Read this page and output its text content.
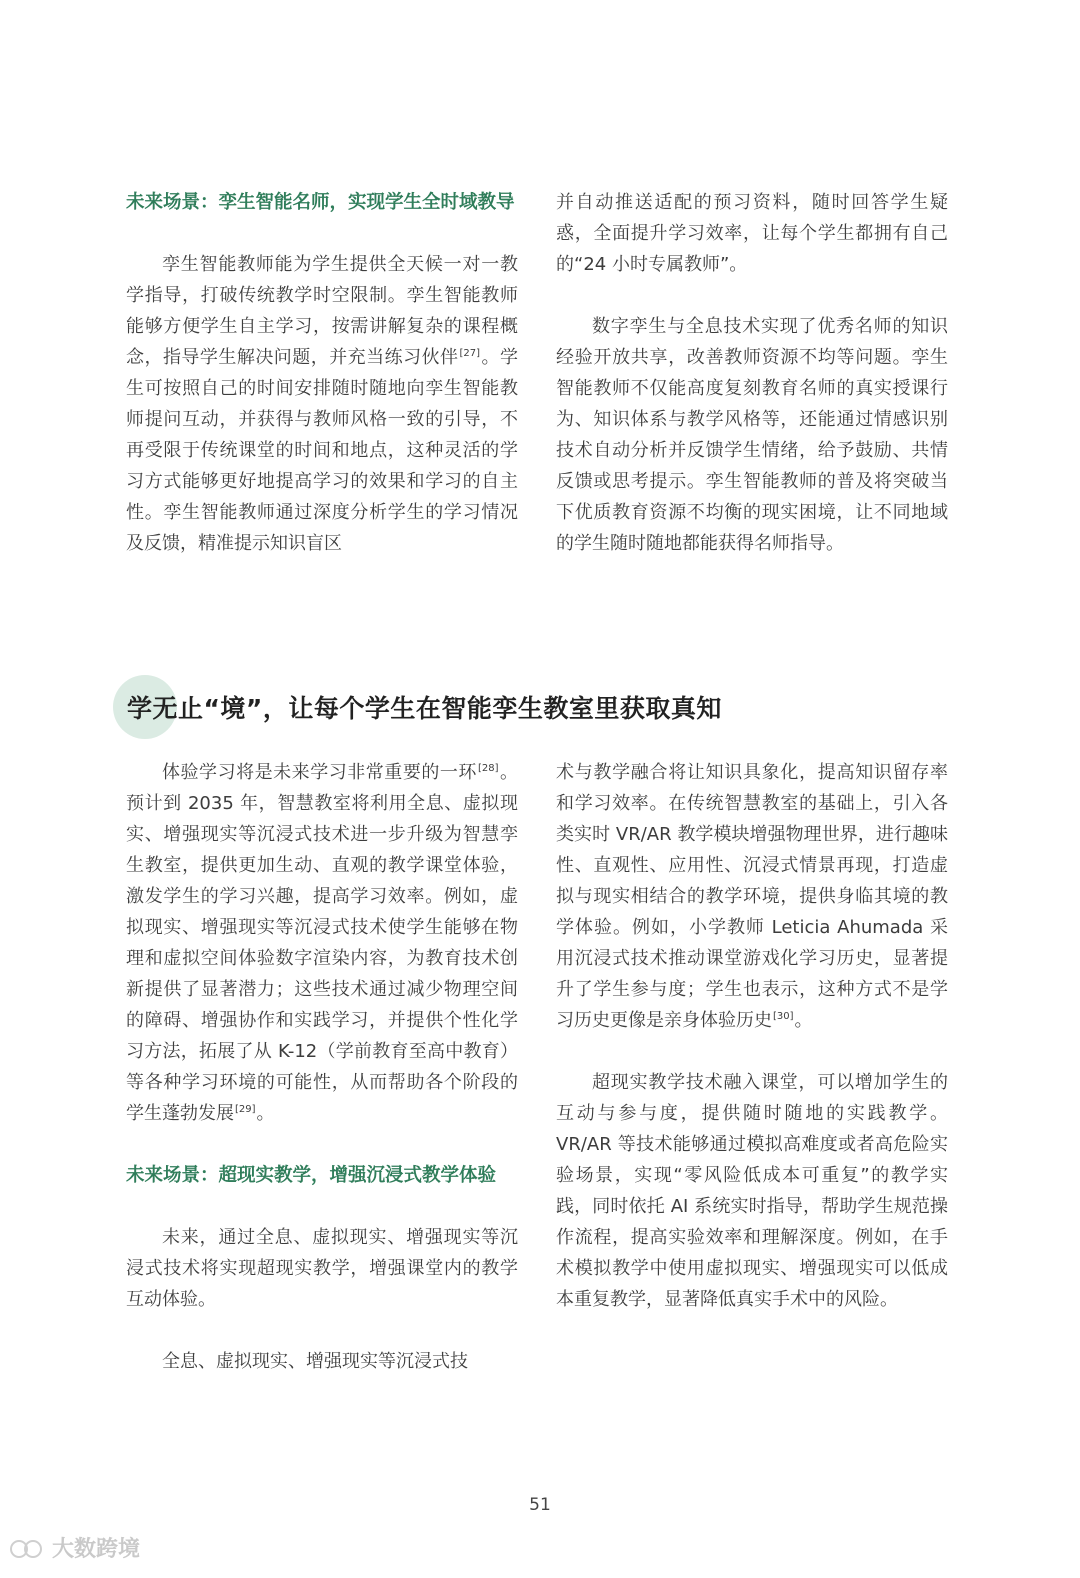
未来场景：孪生智能名师，实现学生全时域教导

孪生智能教师能为学生提供全天候一对一教学指导，打破传统教学时空限制。孪生智能教师能够方便学生自主学习，按需讲解复杂的课程概念，指导学生解决问题，并充当练习伙伴[27]。学生可按照自己的时间安排随时随地向孪生智能教师提问互动，并获得与教师风格一致的引导，不再受限于传统课堂的时间和地点，这种灵活的学习方式能够更好地提高学习的效果和学习的自主性。孪生智能教师通过深度分析学生的学习情况及反馈，精准提示知识盲区

并自动推送适配的预习资料，随时回答学生疑惑，全面提升学习效率，让每个学生都拥有自己的“24 小时专属教师”。

数字孪生与全息技术实现了优秀名师的知识经验开放共享，改善教师资源不均等问题。孪生智能教师不仅能高度复刻教育名师的真实授课行为、知识体系与教学风格等，还能通过情感识别技术自动分析并反馈学生情绪，给予鼓励、共情反馈或思考提示。孪生智能教师的普及将突破当下优质教育资源不均衡的现实困境，让不同地域的学生随时随地都能获得名师指导。

学无止“境”，让每个学生在智能孪生教室里获取真知

体验学习将是未来学习非常重要的一环[28]。预计到 2035 年，智慧教室将利用全息、虚拟现实、增强现实等沉浸式技术进一步升级为智慧孪生教室，提供更加生动、直观的教学课堂体验，激发学生的学习兴趣，提高学习效率。例如，虚拟现实、增强现实等沉浸式技术使学生能够在物理和虚拟空间体验数字渲染内容，为教育技术创新提供了显著潜力；这些技术通过减少物理空间的障碍、增强协作和实践学习，并提供个性化学习方法，拓展了从 K-12（学前教育至高中教育）等各种学习环境的可能性，从而帮助各个阶段的学生蓬勃发展[29]。

未来场景：超现实教学，增强沉浸式教学体验

未来，通过全息、虚拟现实、增强现实等沉浸式技术将实现超现实教学，增强课堂内的教学互动体验。

全息、虚拟现实、增强现实等沉浸式技

术与教学融合将让知识具象化，提高知识留存率和学习效率。在传统智慧教室的基础上，引入各类实时 VR/AR 教学模块增强物理世界，进行趣味性、直观性、应用性、沉浸式情景再现，打造虚拟与现实相结合的教学环境，提供身临其境的教学体验。例如，小学教师 Leticia Ahumada 采用沉浸式技术推动课堂游戏化学习历史，显著提升了学生参与度；学生也表示，这种方式不是学习历史更像是亲身体验历史[30]。

超现实教学技术融入课堂，可以增加学生的互动与参与度，提供随时随地的实践教学。VR/AR 等技术能够通过模拟高难度或者高危险实验场景，实现“零风险低成本可重复”的教学实践，同时依托 AI 系统实时指导，帮助学生规范操作流程，提高实验效率和理解深度。例如，在手术模拟教学中使用虚拟现实、增强现实可以低成本重复教学，显著降低真实手术中的风险。

51
大数跨境
